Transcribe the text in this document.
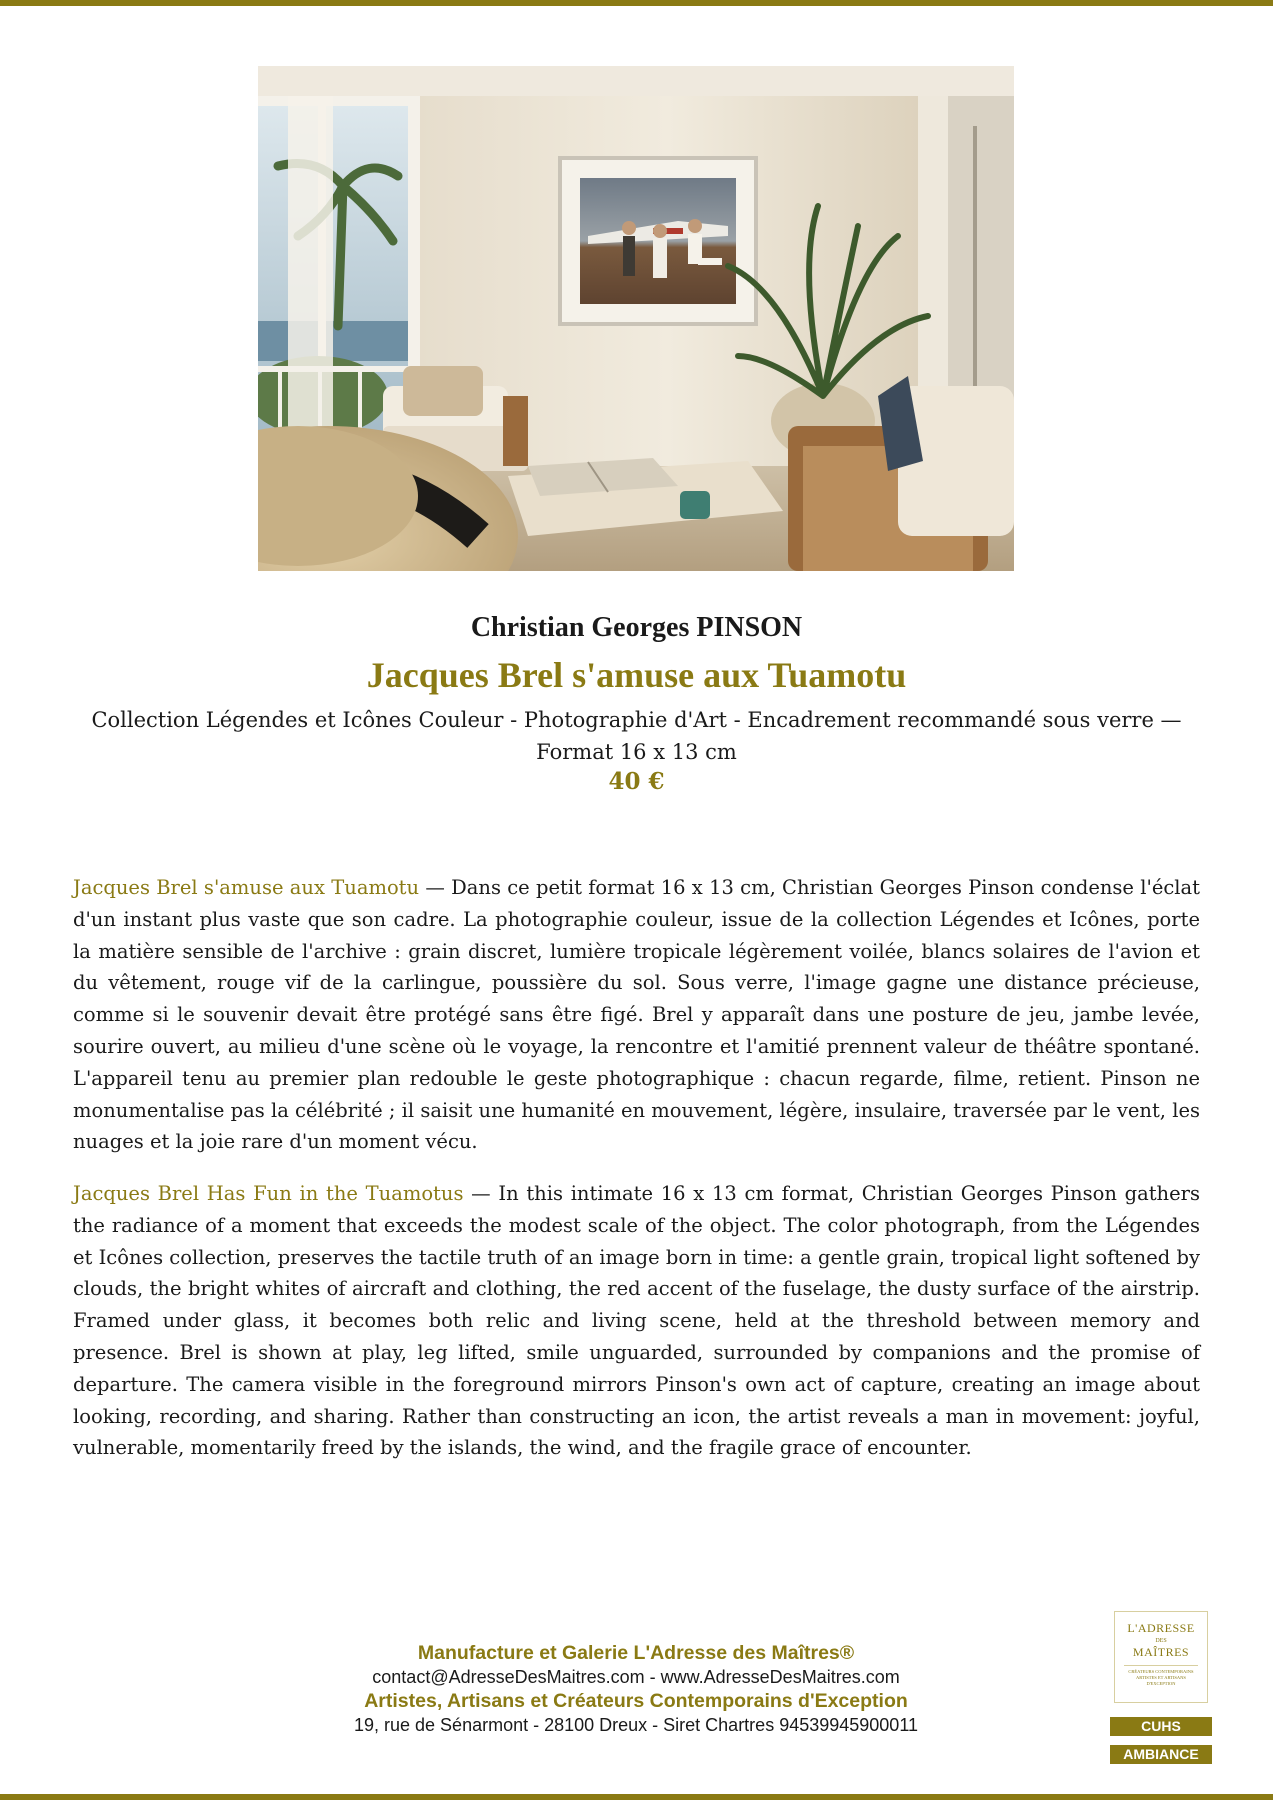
Christian Georges PINSON
Jacques Brel s'amuse aux Tuamotu

Collection Légendes et Icônes Couleur - Photographie d'Art - Encadrement recommandé sous verre — Format 16 x 13 cm

40 €

Jacques Brel s'amuse aux Tuamotu — Dans ce petit format 16 x 13 cm, Christian Georges Pinson condense l'éclat d'un instant plus vaste que son cadre. La photographie couleur, issue de la collection Légendes et Icônes, porte la matière sensible de l'archive : grain discret, lumière tropicale légèrement voilée, blancs solaires de l'avion et du vêtement, rouge vif de la carlingue, poussière du sol. Sous verre, l'image gagne une distance précieuse, comme si le souvenir devait être protégé sans être figé. Brel y apparaît dans une posture de jeu, jambe levée, sourire ouvert, au milieu d'une scène où le voyage, la rencontre et l'amitié prennent valeur de théâtre spontané. L'appareil tenu au premier plan redouble le geste photographique : chacun regarde, filme, retient. Pinson ne monumentalise pas la célébrité ; il saisit une humanité en mouvement, légère, insulaire, traversée par le vent, les nuages et la joie rare d'un moment vécu.

Jacques Brel Has Fun in the Tuamotus — In this intimate 16 x 13 cm format, Christian Georges Pinson gathers the radiance of a moment that exceeds the modest scale of the object. The color photograph, from the Légendes et Icônes collection, preserves the tactile truth of an image born in time: a gentle grain, tropical light softened by clouds, the bright whites of aircraft and clothing, the red accent of the fuselage, the dusty surface of the airstrip. Framed under glass, it becomes both relic and living scene, held at the threshold between memory and presence. Brel is shown at play, leg lifted, smile unguarded, surrounded by companions and the promise of departure. The camera visible in the foreground mirrors Pinson's own act of capture, creating an image about looking, recording, and sharing. Rather than constructing an icon, the artist reveals a man in movement: joyful, vulnerable, momentarily freed by the islands, the wind, and the fragile grace of encounter.

Manufacture et Galerie L'Adresse des Maîtres®
contact@AdresseDesMaitres.com - www.AdresseDesMaitres.com
Artistes, Artisans et Créateurs Contemporains d'Exception
19, rue de Sénarmont - 28100 Dreux - Siret Chartres 94539945900011
L'ADRESSE
DES
MAÎTRES
CRÉATEURS CONTEMPORAINS ARTISTES ET ARTISANS D'EXCEPTION
CUHS
AMBIANCE
